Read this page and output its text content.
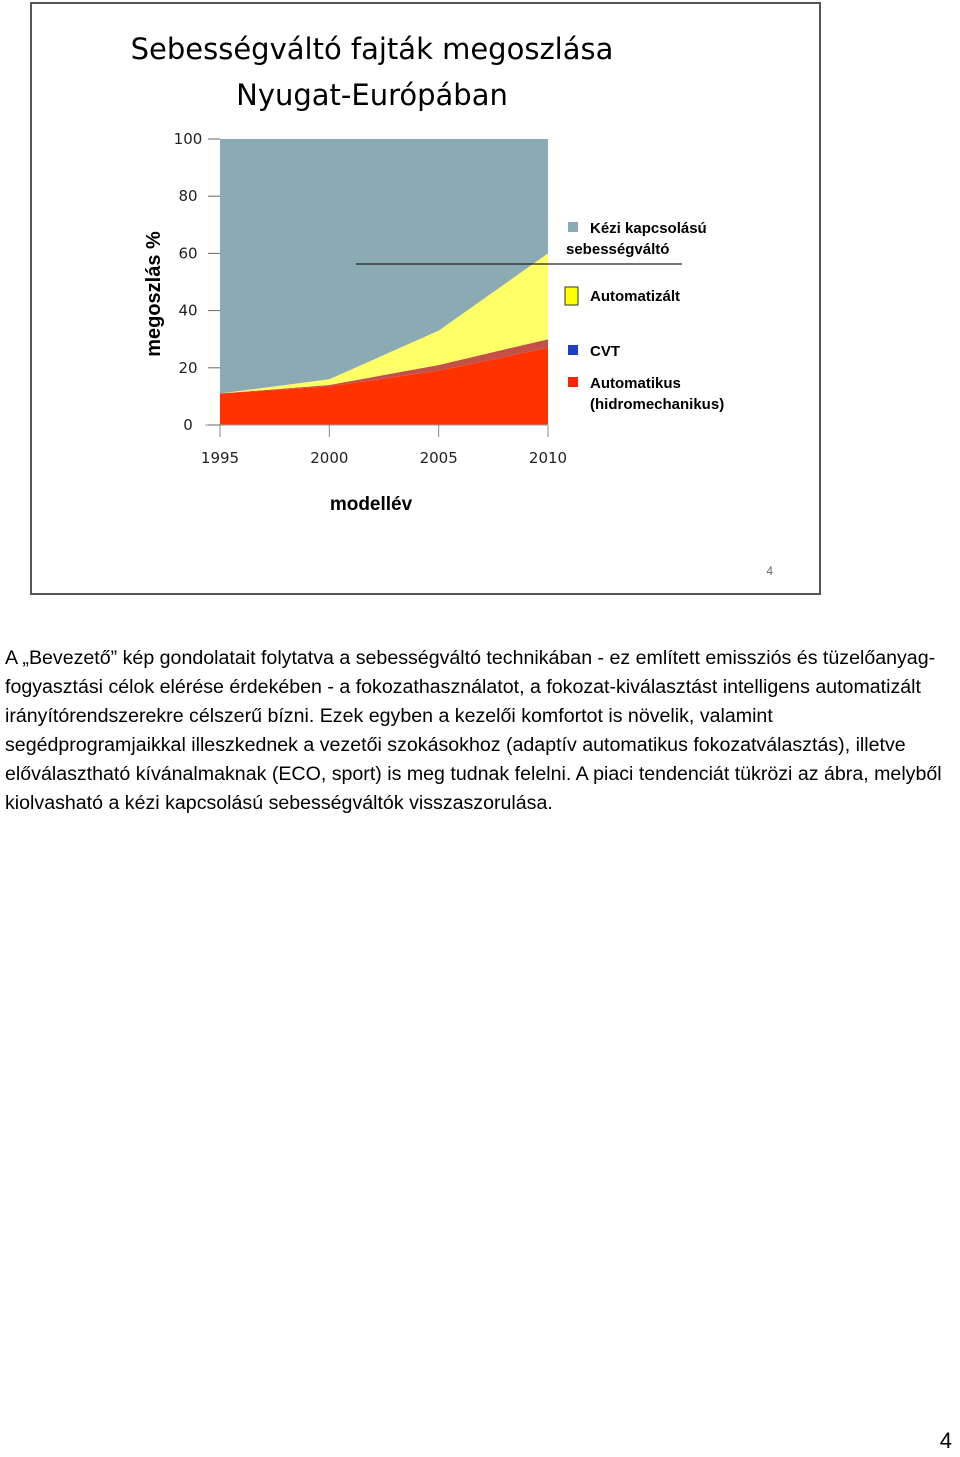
Sebességváltó fajták megoszlása
Nyugat-Európában
0
20
40
60
80
100
1995	2000	2005	2010
megoszlás %
modellév
Kézi kapcsolású
sebességváltó
Automatizált
CVT
Automatikus
(hidromechanikus)
4

A „Bevezető” kép gondolatait folytatva a sebességváltó technikában - ez említett emissziós és tüzelőanyag-fogyasztási célok elérése érdekében - a fokozathasználatot, a fokozat-kiválasztást intelligens automatizált irányítórendszerekre célszerű bízni. Ezek egyben a kezelői komfortot is növelik, valamint segédprogramjaikkal illeszkednek a vezetői szokásokhoz (adaptív automatikus fokozatválasztás), illetve előválasztható kívánalmaknak (ECO, sport) is meg tudnak felelni. A piaci tendenciát tükrözi az ábra, melyből kiolvasható a kézi kapcsolású sebességváltók visszaszorulása.

4
